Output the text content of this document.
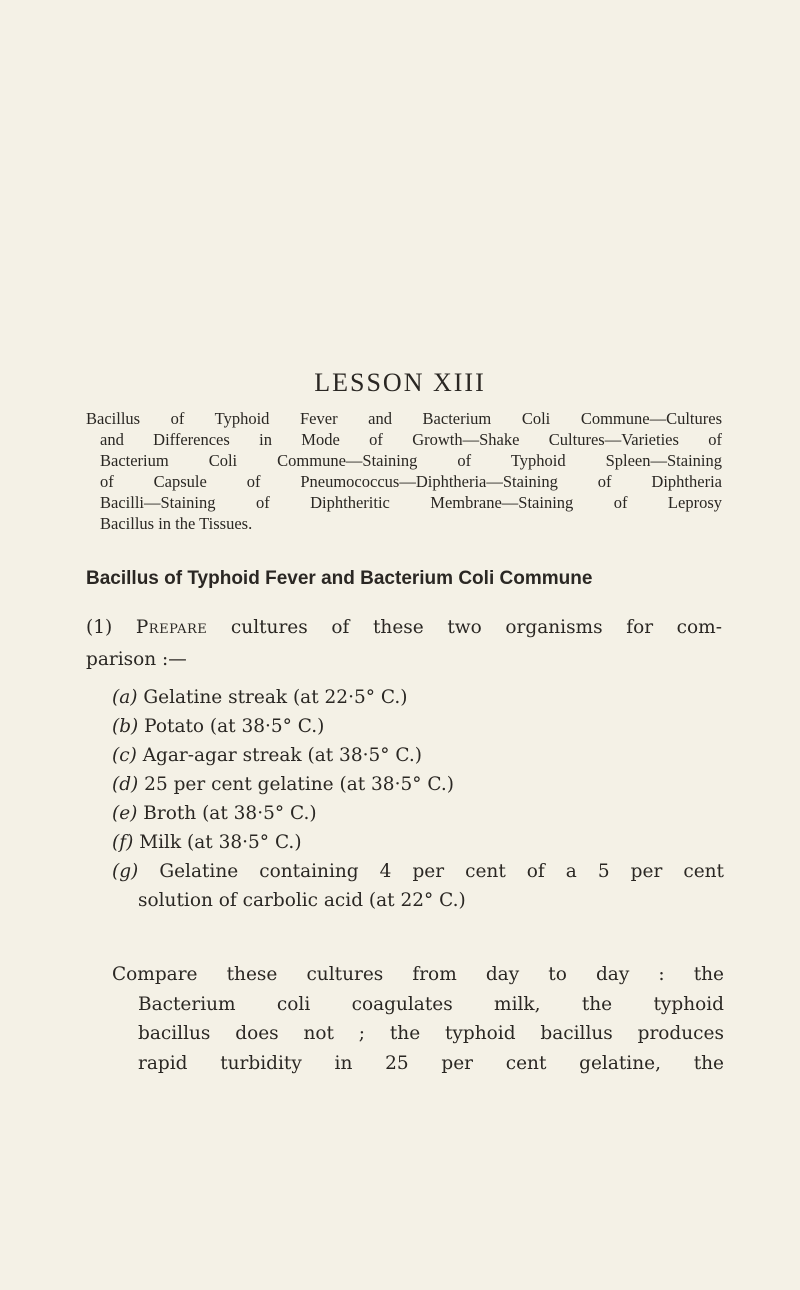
LESSON XIII

Bacillus of Typhoid Fever and Bacterium Coli Commune—Cultures
and Differences in Mode of Growth—Shake Cultures—Varieties of
Bacterium Coli Commune—Staining of Typhoid Spleen—Staining
of Capsule of Pneumococcus—Diphtheria—Staining of Diphtheria
Bacilli—Staining of Diphtheritic Membrane—Staining of Leprosy
Bacillus in the Tissues.

Bacillus of Typhoid Fever and Bacterium Coli Commune

(1) Prepare cultures of these two organisms for com-
parison :—

(a) Gelatine streak (at 22·5° C.)
(b) Potato (at 38·5° C.)
(c) Agar-agar streak (at 38·5° C.)
(d) 25 per cent gelatine (at 38·5° C.)
(e) Broth (at 38·5° C.)
(f) Milk (at 38·5° C.)
(g) Gelatine containing 4 per cent of a 5 per cent
solution of carbolic acid (at 22° C.)

Compare these cultures from day to day : the
Bacterium coli coagulates milk, the typhoid
bacillus does not ; the typhoid bacillus produces
rapid turbidity in 25 per cent gelatine, the
